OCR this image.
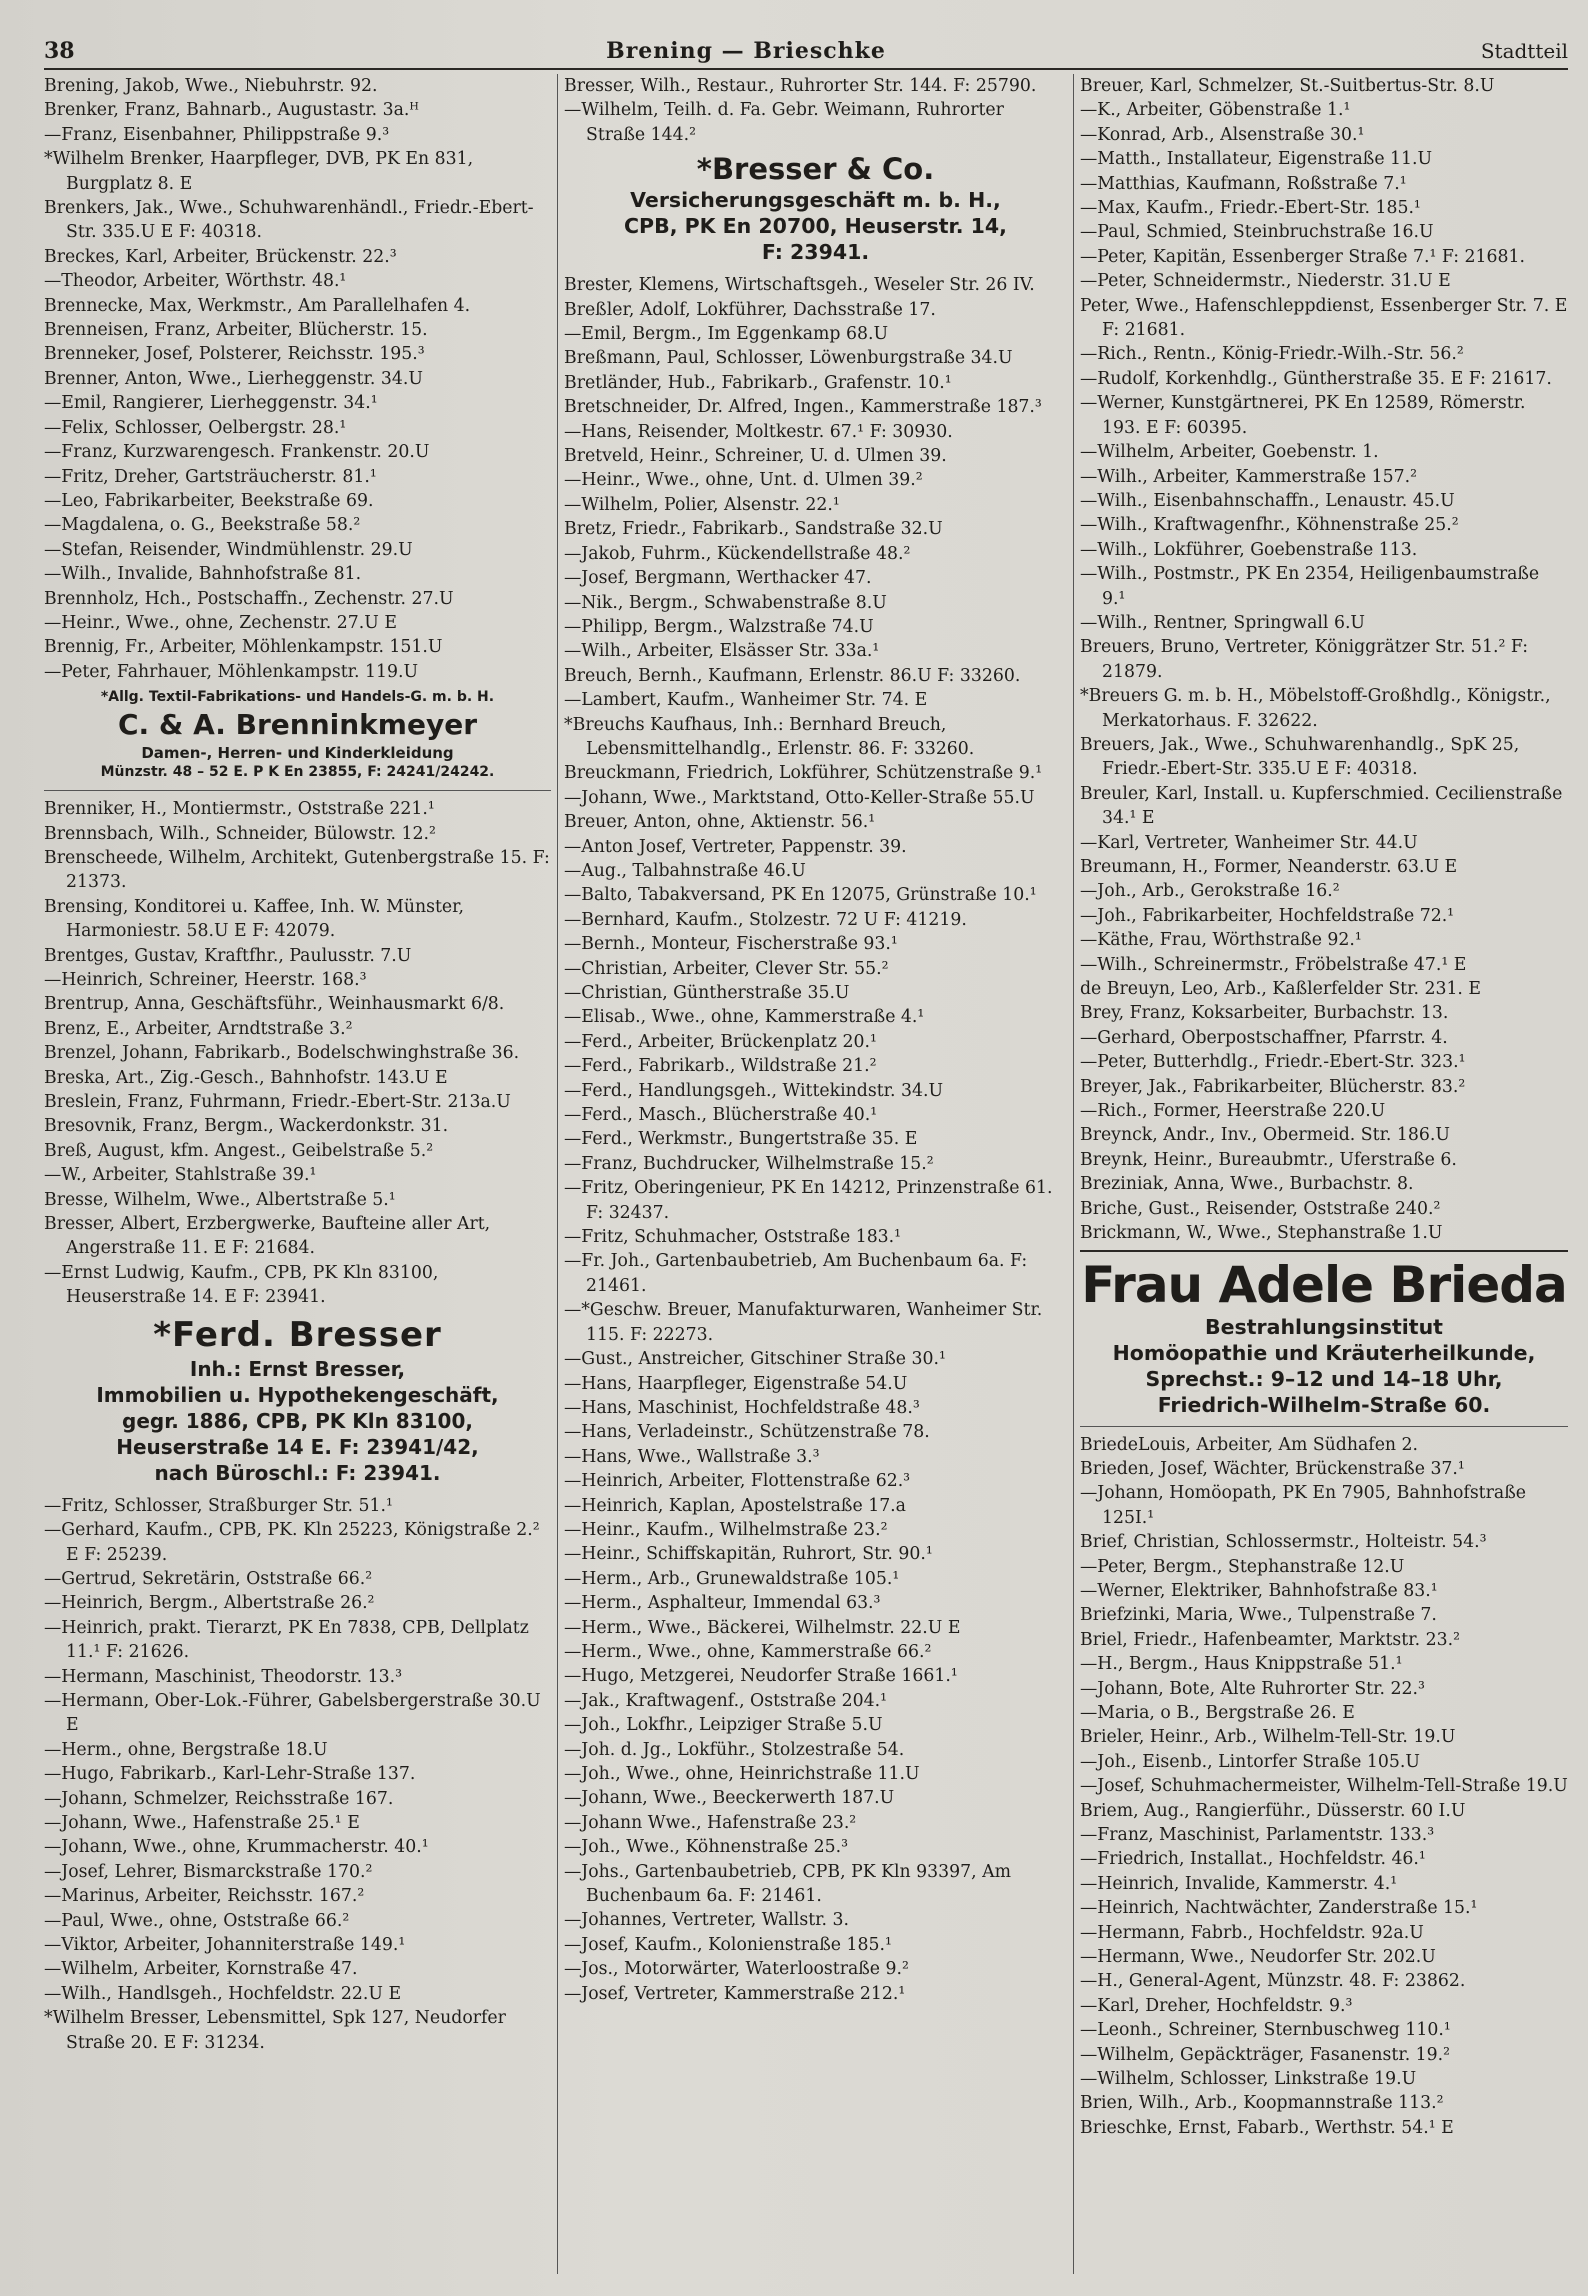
38	Brening — Brieschke	Stadtteil

Brening, Jakob, Wwe., Niebuhrstr. 92.

Brenker, Franz, Bahnarb., Augustastr. 3a.ᴴ

—Franz, Eisenbahner, Philippstraße 9.³

*Wilhelm Brenker, Haarpfleger, DVB, PK En 831, Burgplatz 8. E

Brenkers, Jak., Wwe., Schuhwarenhändl., Friedr.-Ebert-Str. 335.U E F: 40318.

Breckes, Karl, Arbeiter, Brückenstr. 22.³

—Theodor, Arbeiter, Wörthstr. 48.¹

Brennecke, Max, Werkmstr., Am Parallelhafen 4.

Brenneisen, Franz, Arbeiter, Blücherstr. 15.

Brenneker, Josef, Polsterer, Reichsstr. 195.³

Brenner, Anton, Wwe., Lierheggenstr. 34.U

—Emil, Rangierer, Lierheggenstr. 34.¹

—Felix, Schlosser, Oelbergstr. 28.¹

—Franz, Kurzwarengesch. Frankenstr. 20.U

—Fritz, Dreher, Gartsträucherstr. 81.¹

—Leo, Fabrikarbeiter, Beekstraße 69.

—Magdalena, o. G., Beekstraße 58.²

—Stefan, Reisender, Windmühlenstr. 29.U

—Wilh., Invalide, Bahnhofstraße 81.

Brennholz, Hch., Postschaffn., Zechenstr. 27.U

—Heinr., Wwe., ohne, Zechenstr. 27.U E

Brennig, Fr., Arbeiter, Möhlenkampstr. 151.U

—Peter, Fahrhauer, Möhlenkampstr. 119.U

*Allg. Textil-Fabrikations- und Handels-G. m. b. H.
C. & A. Brenninkmeyer
Damen-, Herren- und Kinderkleidung
Münzstr. 48 – 52 E. P K En 23855, F: 24241/24242.

Brenniker, H., Montiermstr., Oststraße 221.¹

Brennsbach, Wilh., Schneider, Bülowstr. 12.²

Brenscheede, Wilhelm, Architekt, Gutenbergstraße 15. F: 21373.

Brensing, Konditorei u. Kaffee, Inh. W. Münster, Harmoniestr. 58.U E F: 42079.

Brentges, Gustav, Kraftfhr., Paulusstr. 7.U

—Heinrich, Schreiner, Heerstr. 168.³

Brentrup, Anna, Geschäftsführ., Weinhausmarkt 6/8.

Brenz, E., Arbeiter, Arndtstraße 3.²

Brenzel, Johann, Fabrikarb., Bodelschwinghstraße 36.

Breska, Art., Zig.-Gesch., Bahnhofstr. 143.U E

Breslein, Franz, Fuhrmann, Friedr.-Ebert-Str. 213a.U

Bresovnik, Franz, Bergm., Wackerdonkstr. 31.

Breß, August, kfm. Angest., Geibelstraße 5.²

—W., Arbeiter, Stahlstraße 39.¹

Bresse, Wilhelm, Wwe., Albertstraße 5.¹

Bresser, Albert, Erzbergwerke, Baufteine aller Art, Angerstraße 11. E F: 21684.

—Ernst Ludwig, Kaufm., CPB, PK Kln 83100, Heuserstraße 14. E F: 23941.

*Ferd. Bresser
Inh.: Ernst Bresser,
Immobilien u. Hypothekengeschäft,
gegr. 1886, CPB, PK Kln 83100,
Heuserstraße 14 E. F: 23941/42,
nach Büroschl.: F: 23941.

—Fritz, Schlosser, Straßburger Str. 51.¹

—Gerhard, Kaufm., CPB, PK. Kln 25223, Königstraße 2.² E F: 25239.

—Gertrud, Sekretärin, Oststraße 66.²

—Heinrich, Bergm., Albertstraße 26.²

—Heinrich, prakt. Tierarzt, PK En 7838, CPB, Dellplatz 11.¹ F: 21626.

—Hermann, Maschinist, Theodorstr. 13.³

—Hermann, Ober-Lok.-Führer, Gabelsbergerstraße 30.U E

—Herm., ohne, Bergstraße 18.U

—Hugo, Fabrikarb., Karl-Lehr-Straße 137.

—Johann, Schmelzer, Reichsstraße 167.

—Johann, Wwe., Hafenstraße 25.¹ E

—Johann, Wwe., ohne, Krummacherstr. 40.¹

—Josef, Lehrer, Bismarckstraße 170.²

—Marinus, Arbeiter, Reichsstr. 167.²

—Paul, Wwe., ohne, Oststraße 66.²

—Viktor, Arbeiter, Johanniterstraße 149.¹

—Wilhelm, Arbeiter, Kornstraße 47.

—Wilh., Handlsgeh., Hochfeldstr. 22.U E

*Wilhelm Bresser, Lebensmittel, Spk 127, Neudorfer Straße 20. E F: 31234.

Bresser, Wilh., Restaur., Ruhrorter Str. 144. F: 25790.

—Wilhelm, Teilh. d. Fa. Gebr. Weimann, Ruhrorter Straße 144.²

*Bresser & Co.
Versicherungsgeschäft m. b. H.,
CPB, PK En 20700, Heuserstr. 14,
F: 23941.

Brester, Klemens, Wirtschaftsgeh., Weseler Str. 26 IV.

Breßler, Adolf, Lokführer, Dachsstraße 17.

—Emil, Bergm., Im Eggenkamp 68.U

Breßmann, Paul, Schlosser, Löwenburgstraße 34.U

Bretländer, Hub., Fabrikarb., Grafenstr. 10.¹

Bretschneider, Dr. Alfred, Ingen., Kammerstraße 187.³

—Hans, Reisender, Moltkestr. 67.¹ F: 30930.

Bretveld, Heinr., Schreiner, U. d. Ulmen 39.

—Heinr., Wwe., ohne, Unt. d. Ulmen 39.²

—Wilhelm, Polier, Alsenstr. 22.¹

Bretz, Friedr., Fabrikarb., Sandstraße 32.U

—Jakob, Fuhrm., Kückendellstraße 48.²

—Josef, Bergmann, Werthacker 47.

—Nik., Bergm., Schwabenstraße 8.U

—Philipp, Bergm., Walzstraße 74.U

—Wilh., Arbeiter, Elsässer Str. 33a.¹

Breuch, Bernh., Kaufmann, Erlenstr. 86.U F: 33260.

—Lambert, Kaufm., Wanheimer Str. 74. E

*Breuchs Kaufhaus, Inh.: Bernhard Breuch, Lebensmittelhandlg., Erlenstr. 86. F: 33260.

Breuckmann, Friedrich, Lokführer, Schützenstraße 9.¹

—Johann, Wwe., Marktstand, Otto-Keller-Straße 55.U

Breuer, Anton, ohne, Aktienstr. 56.¹

—Anton Josef, Vertreter, Pappenstr. 39.

—Aug., Talbahnstraße 46.U

—Balto, Tabakversand, PK En 12075, Grünstraße 10.¹

—Bernhard, Kaufm., Stolzestr. 72 U F: 41219.

—Bernh., Monteur, Fischerstraße 93.¹

—Christian, Arbeiter, Clever Str. 55.²

—Christian, Güntherstraße 35.U

—Elisab., Wwe., ohne, Kammerstraße 4.¹

—Ferd., Arbeiter, Brückenplatz 20.¹

—Ferd., Fabrikarb., Wildstraße 21.²

—Ferd., Handlungsgeh., Wittekindstr. 34.U

—Ferd., Masch., Blücherstraße 40.¹

—Ferd., Werkmstr., Bungertstraße 35. E

—Franz, Buchdrucker, Wilhelmstraße 15.²

—Fritz, Oberingenieur, PK En 14212, Prinzenstraße 61. F: 32437.

—Fritz, Schuhmacher, Oststraße 183.¹

—Fr. Joh., Gartenbaubetrieb, Am Buchenbaum 6a. F: 21461.

—*Geschw. Breuer, Manufakturwaren, Wanheimer Str. 115. F: 22273.

—Gust., Anstreicher, Gitschiner Straße 30.¹

—Hans, Haarpfleger, Eigenstraße 54.U

—Hans, Maschinist, Hochfeldstraße 48.³

—Hans, Verladeinstr., Schützenstraße 78.

—Hans, Wwe., Wallstraße 3.³

—Heinrich, Arbeiter, Flottenstraße 62.³

—Heinrich, Kaplan, Apostelstraße 17.a

—Heinr., Kaufm., Wilhelmstraße 23.²

—Heinr., Schiffskapitän, Ruhrort, Str. 90.¹

—Herm., Arb., Grunewaldstraße 105.¹

—Herm., Asphalteur, Immendal 63.³

—Herm., Wwe., Bäckerei, Wilhelmstr. 22.U E

—Herm., Wwe., ohne, Kammerstraße 66.²

—Hugo, Metzgerei, Neudorfer Straße 1661.¹

—Jak., Kraftwagenf., Oststraße 204.¹

—Joh., Lokfhr., Leipziger Straße 5.U

—Joh. d. Jg., Lokführ., Stolzestraße 54.

—Joh., Wwe., ohne, Heinrichstraße 11.U

—Johann, Wwe., Beeckerwerth 187.U

—Johann Wwe., Hafenstraße 23.²

—Joh., Wwe., Köhnenstraße 25.³

—Johs., Gartenbaubetrieb, CPB, PK Kln 93397, Am Buchenbaum 6a. F: 21461.

—Johannes, Vertreter, Wallstr. 3.

—Josef, Kaufm., Kolonienstraße 185.¹

—Jos., Motorwärter, Waterloostraße 9.²

—Josef, Vertreter, Kammerstraße 212.¹

Breuer, Karl, Schmelzer, St.-Suitbertus-Str. 8.U

—K., Arbeiter, Göbenstraße 1.¹

—Konrad, Arb., Alsenstraße 30.¹

—Matth., Installateur, Eigenstraße 11.U

—Matthias, Kaufmann, Roßstraße 7.¹

—Max, Kaufm., Friedr.-Ebert-Str. 185.¹

—Paul, Schmied, Steinbruchstraße 16.U

—Peter, Kapitän, Essenberger Straße 7.¹ F: 21681.

—Peter, Schneidermstr., Niederstr. 31.U E

Peter, Wwe., Hafenschleppdienst, Essenberger Str. 7. E F: 21681.

—Rich., Rentn., König-Friedr.-Wilh.-Str. 56.²

—Rudolf, Korkenhdlg., Güntherstraße 35. E F: 21617.

—Werner, Kunstgärtnerei, PK En 12589, Römerstr. 193. E F: 60395.

—Wilhelm, Arbeiter, Goebenstr. 1.

—Wilh., Arbeiter, Kammerstraße 157.²

—Wilh., Eisenbahnschaffn., Lenaustr. 45.U

—Wilh., Kraftwagenfhr., Köhnenstraße 25.²

—Wilh., Lokführer, Goebenstraße 113.

—Wilh., Postmstr., PK En 2354, Heiligenbaumstraße 9.¹

—Wilh., Rentner, Springwall 6.U

Breuers, Bruno, Vertreter, Königgrätzer Str. 51.² F: 21879.

*Breuers G. m. b. H., Möbelstoff-Großhdlg., Königstr., Merkatorhaus. F. 32622.

Breuers, Jak., Wwe., Schuhwarenhandlg., SpK 25, Friedr.-Ebert-Str. 335.U E F: 40318.

Breuler, Karl, Install. u. Kupferschmied. Cecilienstraße 34.¹ E

—Karl, Vertreter, Wanheimer Str. 44.U

Breumann, H., Former, Neanderstr. 63.U E

—Joh., Arb., Gerokstraße 16.²

—Joh., Fabrikarbeiter, Hochfeldstraße 72.¹

—Käthe, Frau, Wörthstraße 92.¹

—Wilh., Schreinermstr., Fröbelstraße 47.¹ E

de Breuyn, Leo, Arb., Kaßlerfelder Str. 231. E

Brey, Franz, Koksarbeiter, Burbachstr. 13.

—Gerhard, Oberpostschaffner, Pfarrstr. 4.

—Peter, Butterhdlg., Friedr.-Ebert-Str. 323.¹

Breyer, Jak., Fabrikarbeiter, Blücherstr. 83.²

—Rich., Former, Heerstraße 220.U

Breynck, Andr., Inv., Obermeid. Str. 186.U

Breynk, Heinr., Bureaubmtr., Uferstraße 6.

Breziniak, Anna, Wwe., Burbachstr. 8.

Briche, Gust., Reisender, Oststraße 240.²

Brickmann, W., Wwe., Stephanstraße 1.U

Frau Adele Brieda
Bestrahlungsinstitut
Homöopathie und Kräuterheilkunde,
Sprechst.: 9–12 und 14–18 Uhr,
Friedrich-Wilhelm-Straße 60.

BriedeLouis, Arbeiter, Am Südhafen 2.

Brieden, Josef, Wächter, Brückenstraße 37.¹

—Johann, Homöopath, PK En 7905, Bahnhofstraße 125I.¹

Brief, Christian, Schlossermstr., Holteistr. 54.³

—Peter, Bergm., Stephanstraße 12.U

—Werner, Elektriker, Bahnhofstraße 83.¹

Briefzinki, Maria, Wwe., Tulpenstraße 7.

Briel, Friedr., Hafenbeamter, Marktstr. 23.²

—H., Bergm., Haus Knippstraße 51.¹

—Johann, Bote, Alte Ruhrorter Str. 22.³

—Maria, o B., Bergstraße 26. E

Brieler, Heinr., Arb., Wilhelm-Tell-Str. 19.U

—Joh., Eisenb., Lintorfer Straße 105.U

—Josef, Schuhmachermeister, Wilhelm-Tell-Straße 19.U

Briem, Aug., Rangierführ., Düsserstr. 60 I.U

—Franz, Maschinist, Parlamentstr. 133.³

—Friedrich, Installat., Hochfeldstr. 46.¹

—Heinrich, Invalide, Kammerstr. 4.¹

—Heinrich, Nachtwächter, Zanderstraße 15.¹

—Hermann, Fabrb., Hochfeldstr. 92a.U

—Hermann, Wwe., Neudorfer Str. 202.U

—H., General-Agent, Münzstr. 48. F: 23862.

—Karl, Dreher, Hochfeldstr. 9.³

—Leonh., Schreiner, Sternbuschweg 110.¹

—Wilhelm, Gepäckträger, Fasanenstr. 19.²

—Wilhelm, Schlosser, Linkstraße 19.U

Brien, Wilh., Arb., Koopmannstraße 113.²

Brieschke, Ernst, Fabarb., Werthstr. 54.¹ E
